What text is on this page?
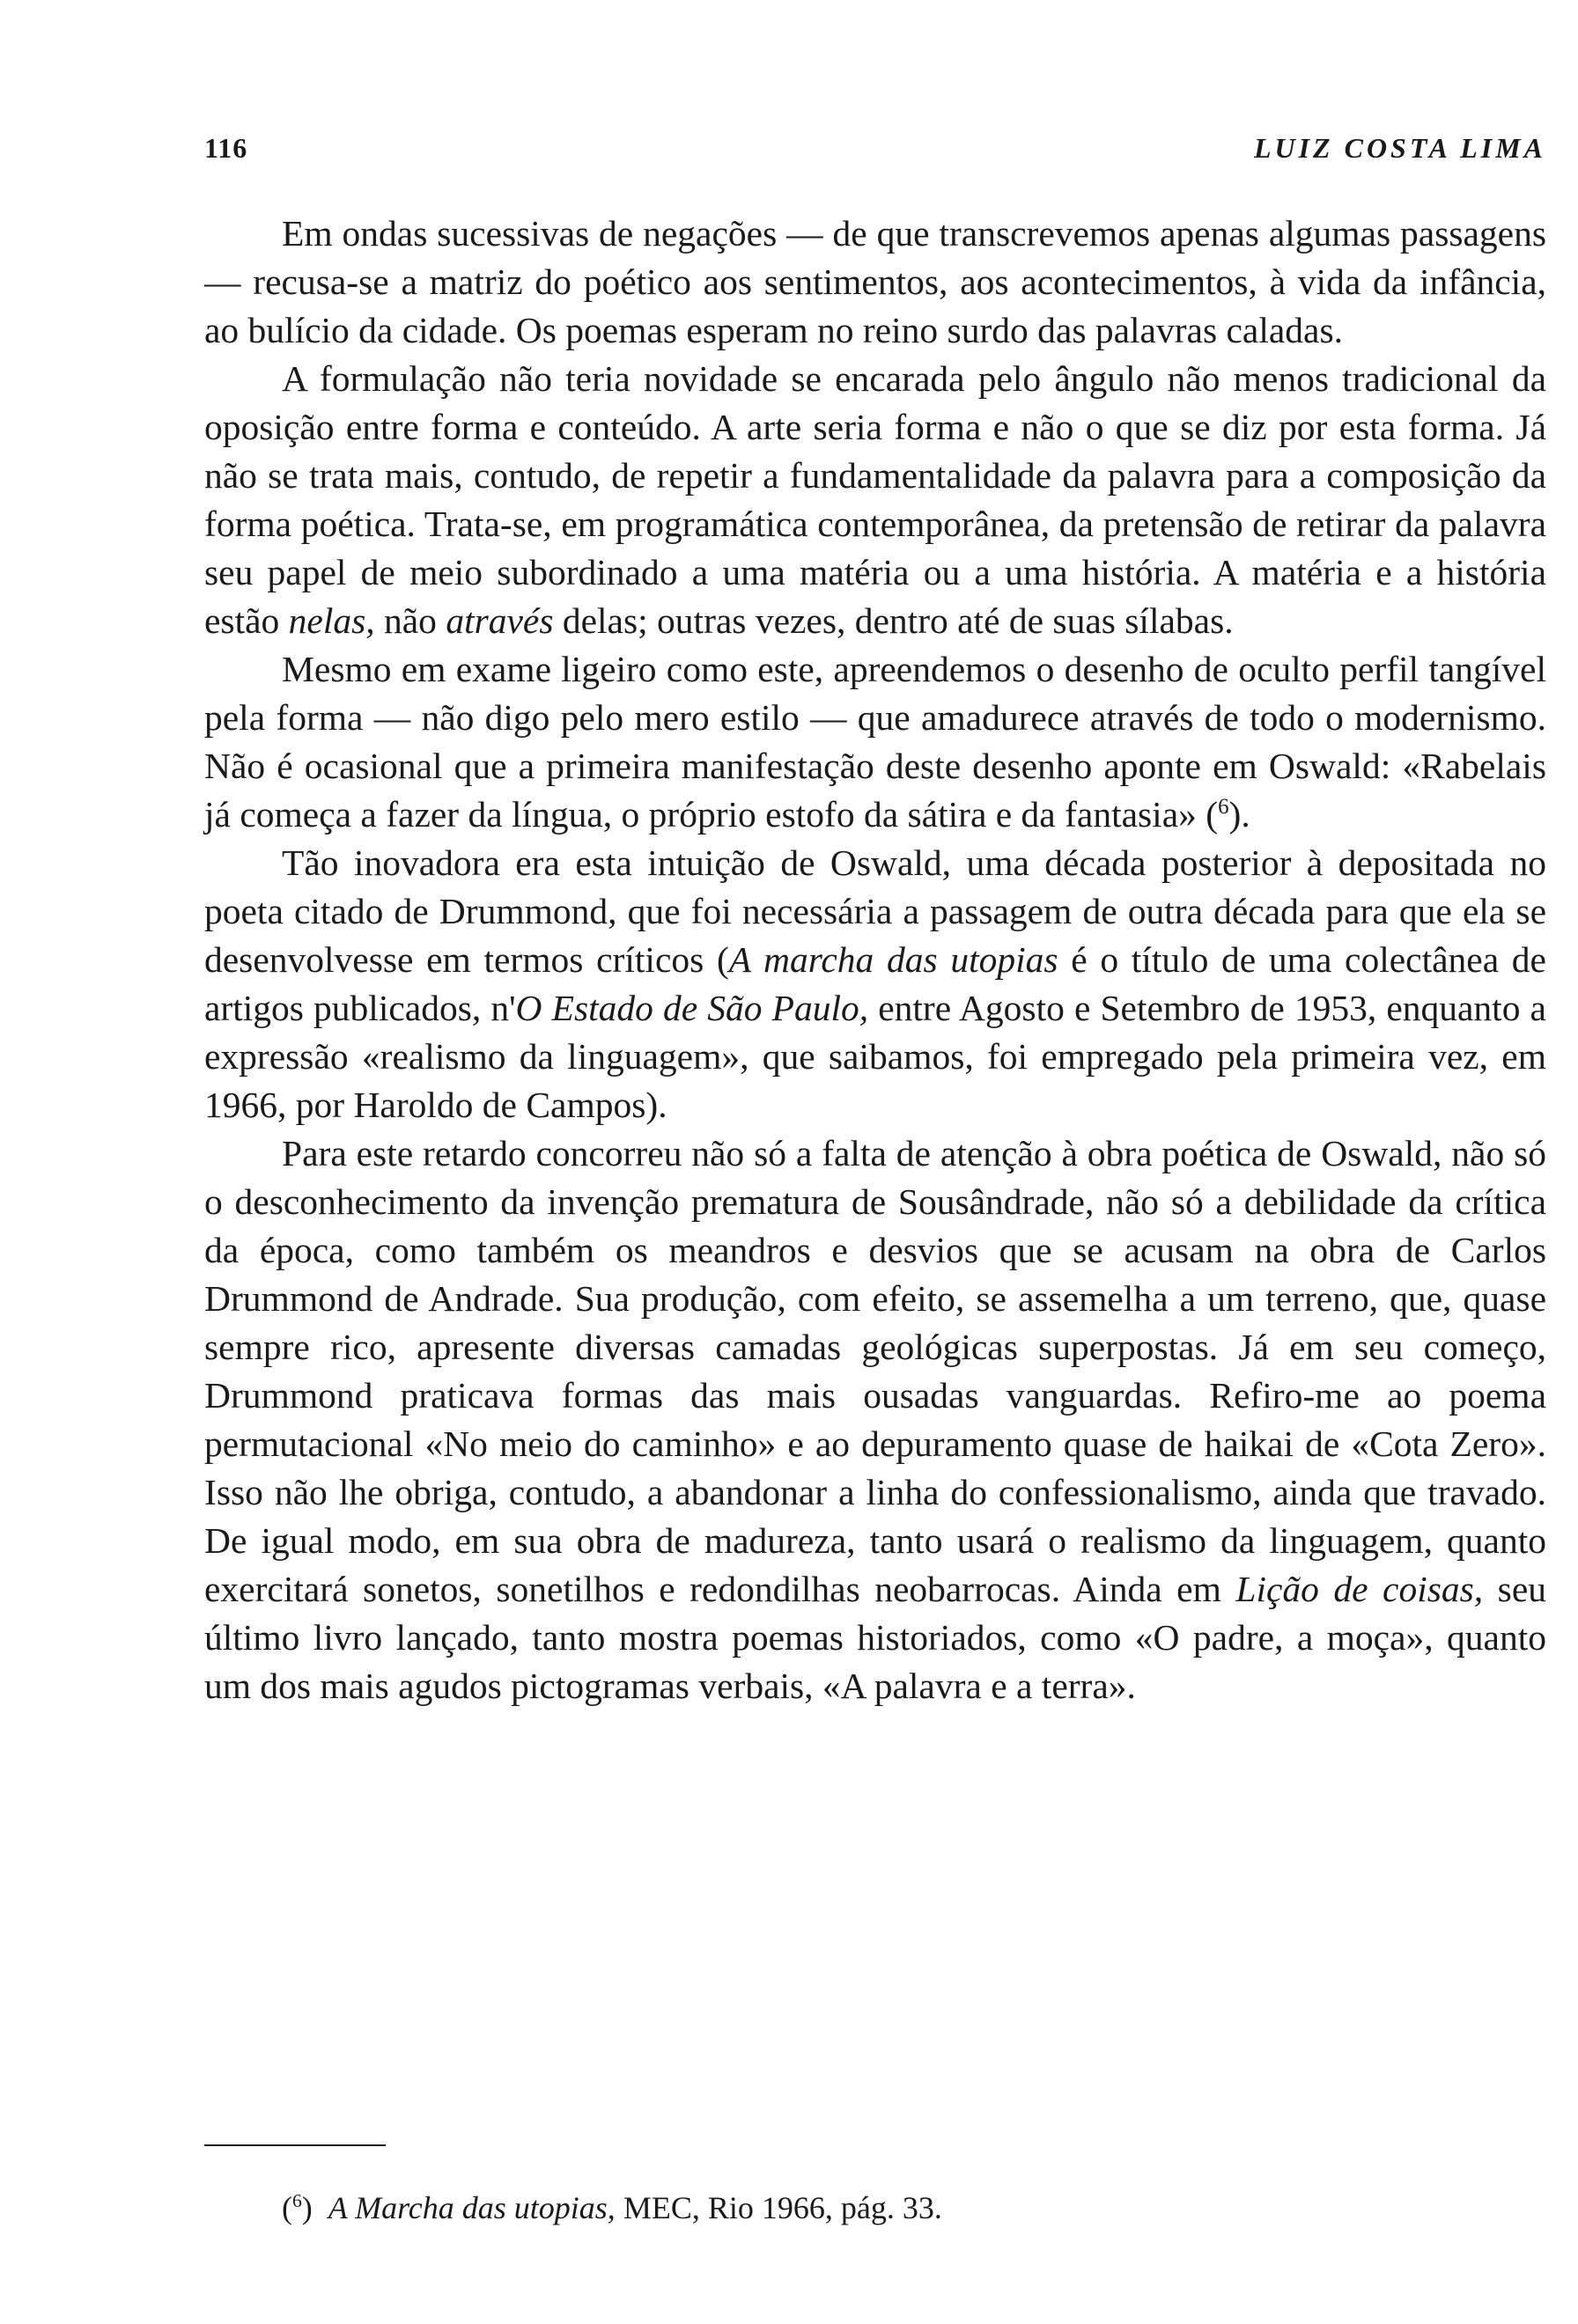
116	LUIZ COSTA LIMA

Em ondas sucessivas de negações — de que transcrevemos apenas algumas passagens — recusa-se a matriz do poético aos sentimentos, aos acontecimentos, à vida da infância, ao bulício da cidade. Os poemas esperam no reino surdo das palavras caladas.

A formulação não teria novidade se encarada pelo ângulo não menos tradicional da oposição entre forma e conteúdo. A arte seria forma e não o que se diz por esta forma. Já não se trata mais, contudo, de repetir a fundamentalidade da palavra para a composição da forma poética. Trata-se, em programática contemporânea, da pretensão de retirar da palavra seu papel de meio subordinado a uma matéria ou a uma história. A matéria e a história estão nelas, não através delas; outras vezes, dentro até de suas sílabas.

Mesmo em exame ligeiro como este, apreendemos o desenho de oculto perfil tangível pela forma — não digo pelo mero estilo — que amadurece através de todo o modernismo. Não é ocasional que a primeira manifestação deste desenho aponte em Oswald: «Rabelais já começa a fazer da língua, o próprio estofo da sátira e da fantasia» ($^6$).

Tão inovadora era esta intuição de Oswald, uma década posterior à depositada no poeta citado de Drummond, que foi necessária a passagem de outra década para que ela se desenvolvesse em termos críticos (A marcha das utopias é o título de uma colectânea de artigos publicados, n'O Estado de São Paulo, entre Agosto e Setembro de 1953, enquanto a expressão «realismo da linguagem», que saibamos, foi empregado pela primeira vez, em 1966, por Haroldo de Campos).

Para este retardo concorreu não só a falta de atenção à obra poética de Oswald, não só o desconhecimento da invenção prematura de Sousândrade, não só a debilidade da crítica da época, como também os meandros e desvios que se acusam na obra de Carlos Drummond de Andrade. Sua produção, com efeito, se assemelha a um terreno, que, quase sempre rico, apresente diversas camadas geológicas superpostas. Já em seu começo, Drummond praticava formas das mais ousadas vanguardas. Refiro-me ao poema permutacional «No meio do caminho» e ao depuramento quase de haikai de «Cota Zero». Isso não lhe obriga, contudo, a abandonar a linha do confessionalismo, ainda que travado. De igual modo, em sua obra de madureza, tanto usará o realismo da linguagem, quanto exercitará sonetos, sonetilhos e redondilhas neobarrocas. Ainda em Lição de coisas, seu último livro lançado, tanto mostra poemas historiados, como «O padre, a moça», quanto um dos mais agudos pictogramas verbais, «A palavra e a terra».

($^6$) A Marcha das utopias, MEC, Rio 1966, pág. 33.
